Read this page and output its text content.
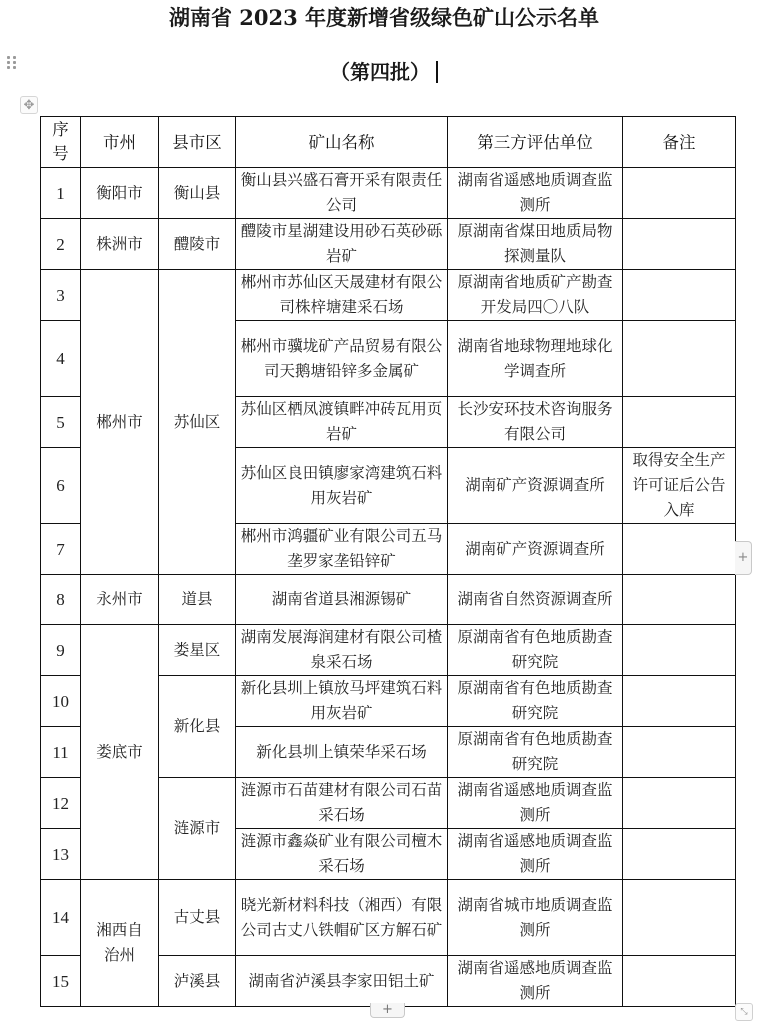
湖南省 2023 年度新增省级绿色矿山公示名单
（第四批）
✥
序号	市州	县市区	矿山名称	第三方评估单位	备注
1	衡阳市	衡山县	衡山县兴盛石膏开采有限责任公司	湖南省遥感地质调查监测所	
2	株洲市	醴陵市	醴陵市星湖建设用砂石英砂砾岩矿	原湖南省煤田地质局物探测量队	
3	郴州市	苏仙区	郴州市苏仙区天晟建材有限公司株梓塘建采石场	原湖南省地质矿产勘查开发局四〇八队	
4			郴州市骥垅矿产品贸易有限公司天鹅塘铅锌多金属矿	湖南省地球物理地球化学调查所	
5			苏仙区栖凤渡镇畔冲砖瓦用页岩矿	长沙安环技术咨询服务有限公司	
6			苏仙区良田镇廖家湾建筑石料用灰岩矿	湖南矿产资源调查所	取得安全生产许可证后公告入库
7			郴州市鸿疆矿业有限公司五马垄罗家垄铅锌矿	湖南矿产资源调查所	
8	永州市	道县	湖南省道县湘源锡矿	湖南省自然资源调查所	
9	娄底市	娄星区	湖南发展海润建材有限公司楂泉采石场	原湖南省有色地质勘查研究院	
10		新化县	新化县圳上镇放马坪建筑石料用灰岩矿	原湖南省有色地质勘查研究院	
11			新化县圳上镇荣华采石场	原湖南省有色地质勘查研究院	
12		涟源市	涟源市石苗建材有限公司石苗采石场	湖南省遥感地质调查监测所	
13			涟源市鑫焱矿业有限公司檀木采石场	湖南省遥感地质调查监测所	
14	湘西自治州	古丈县	晓光新材料科技（湘西）有限公司古丈八铁帽矿区方解石矿	湖南省城市地质调查监测所	
15		泸溪县	湖南省泸溪县李家田铝土矿	湖南省遥感地质调查监测所	
+
+	⤡
